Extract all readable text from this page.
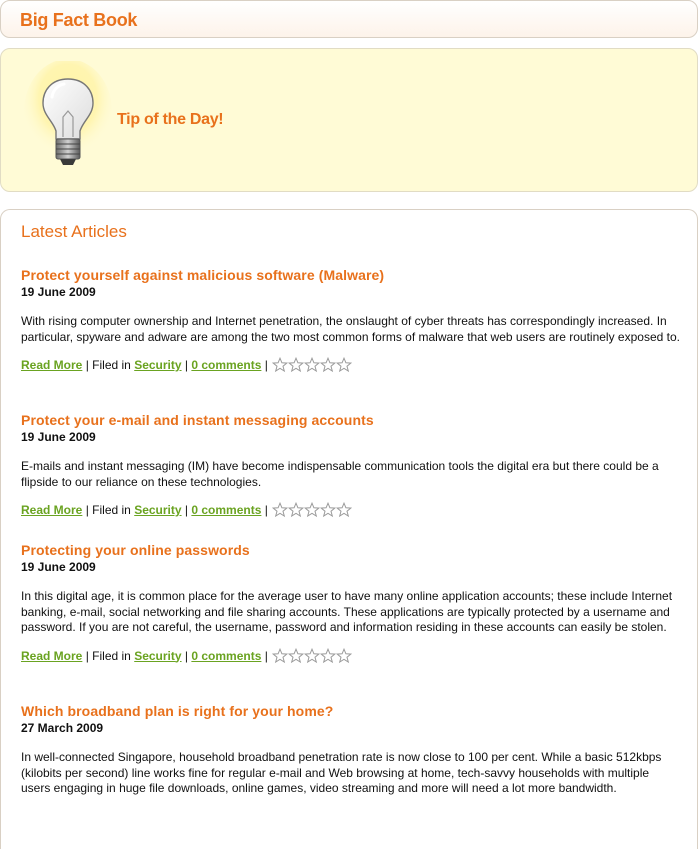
Big Fact Book
Tip of the Day!
Latest Articles
Protect yourself against malicious software (Malware)
19 June 2009
With rising computer ownership and Internet penetration, the onslaught of cyber threats has correspondingly increased. In particular, spyware and adware are among the two most common forms of malware that web users are routinely exposed to.
Read More | Filed in
Security | 0 comments |
Protect your e-mail and instant messaging accounts
19 June 2009
E-mails and instant messaging (IM) have become indispensable communication tools the digital era but there could be a flipside to our reliance on these technologies.
Read More | Filed in
Security | 0 comments |
Protecting your online passwords
19 June 2009
In this digital age, it is common place for the average user to have many online application accounts; these include Internet banking, e-mail, social networking and file sharing accounts. These applications are typically protected by a username and password. If you are not careful, the username, password and information residing in these accounts can easily be stolen.
Read More | Filed in
Security | 0 comments |
Which broadband plan is right for your home?
27 March 2009
In well-connected Singapore, household broadband penetration rate is now close to 100 per cent. While a basic 512kbps (kilobits per second) line works fine for regular e-mail and Web browsing at home, tech-savvy households with multiple users engaging in huge file downloads, online games, video streaming and more will need a lot more bandwidth.
